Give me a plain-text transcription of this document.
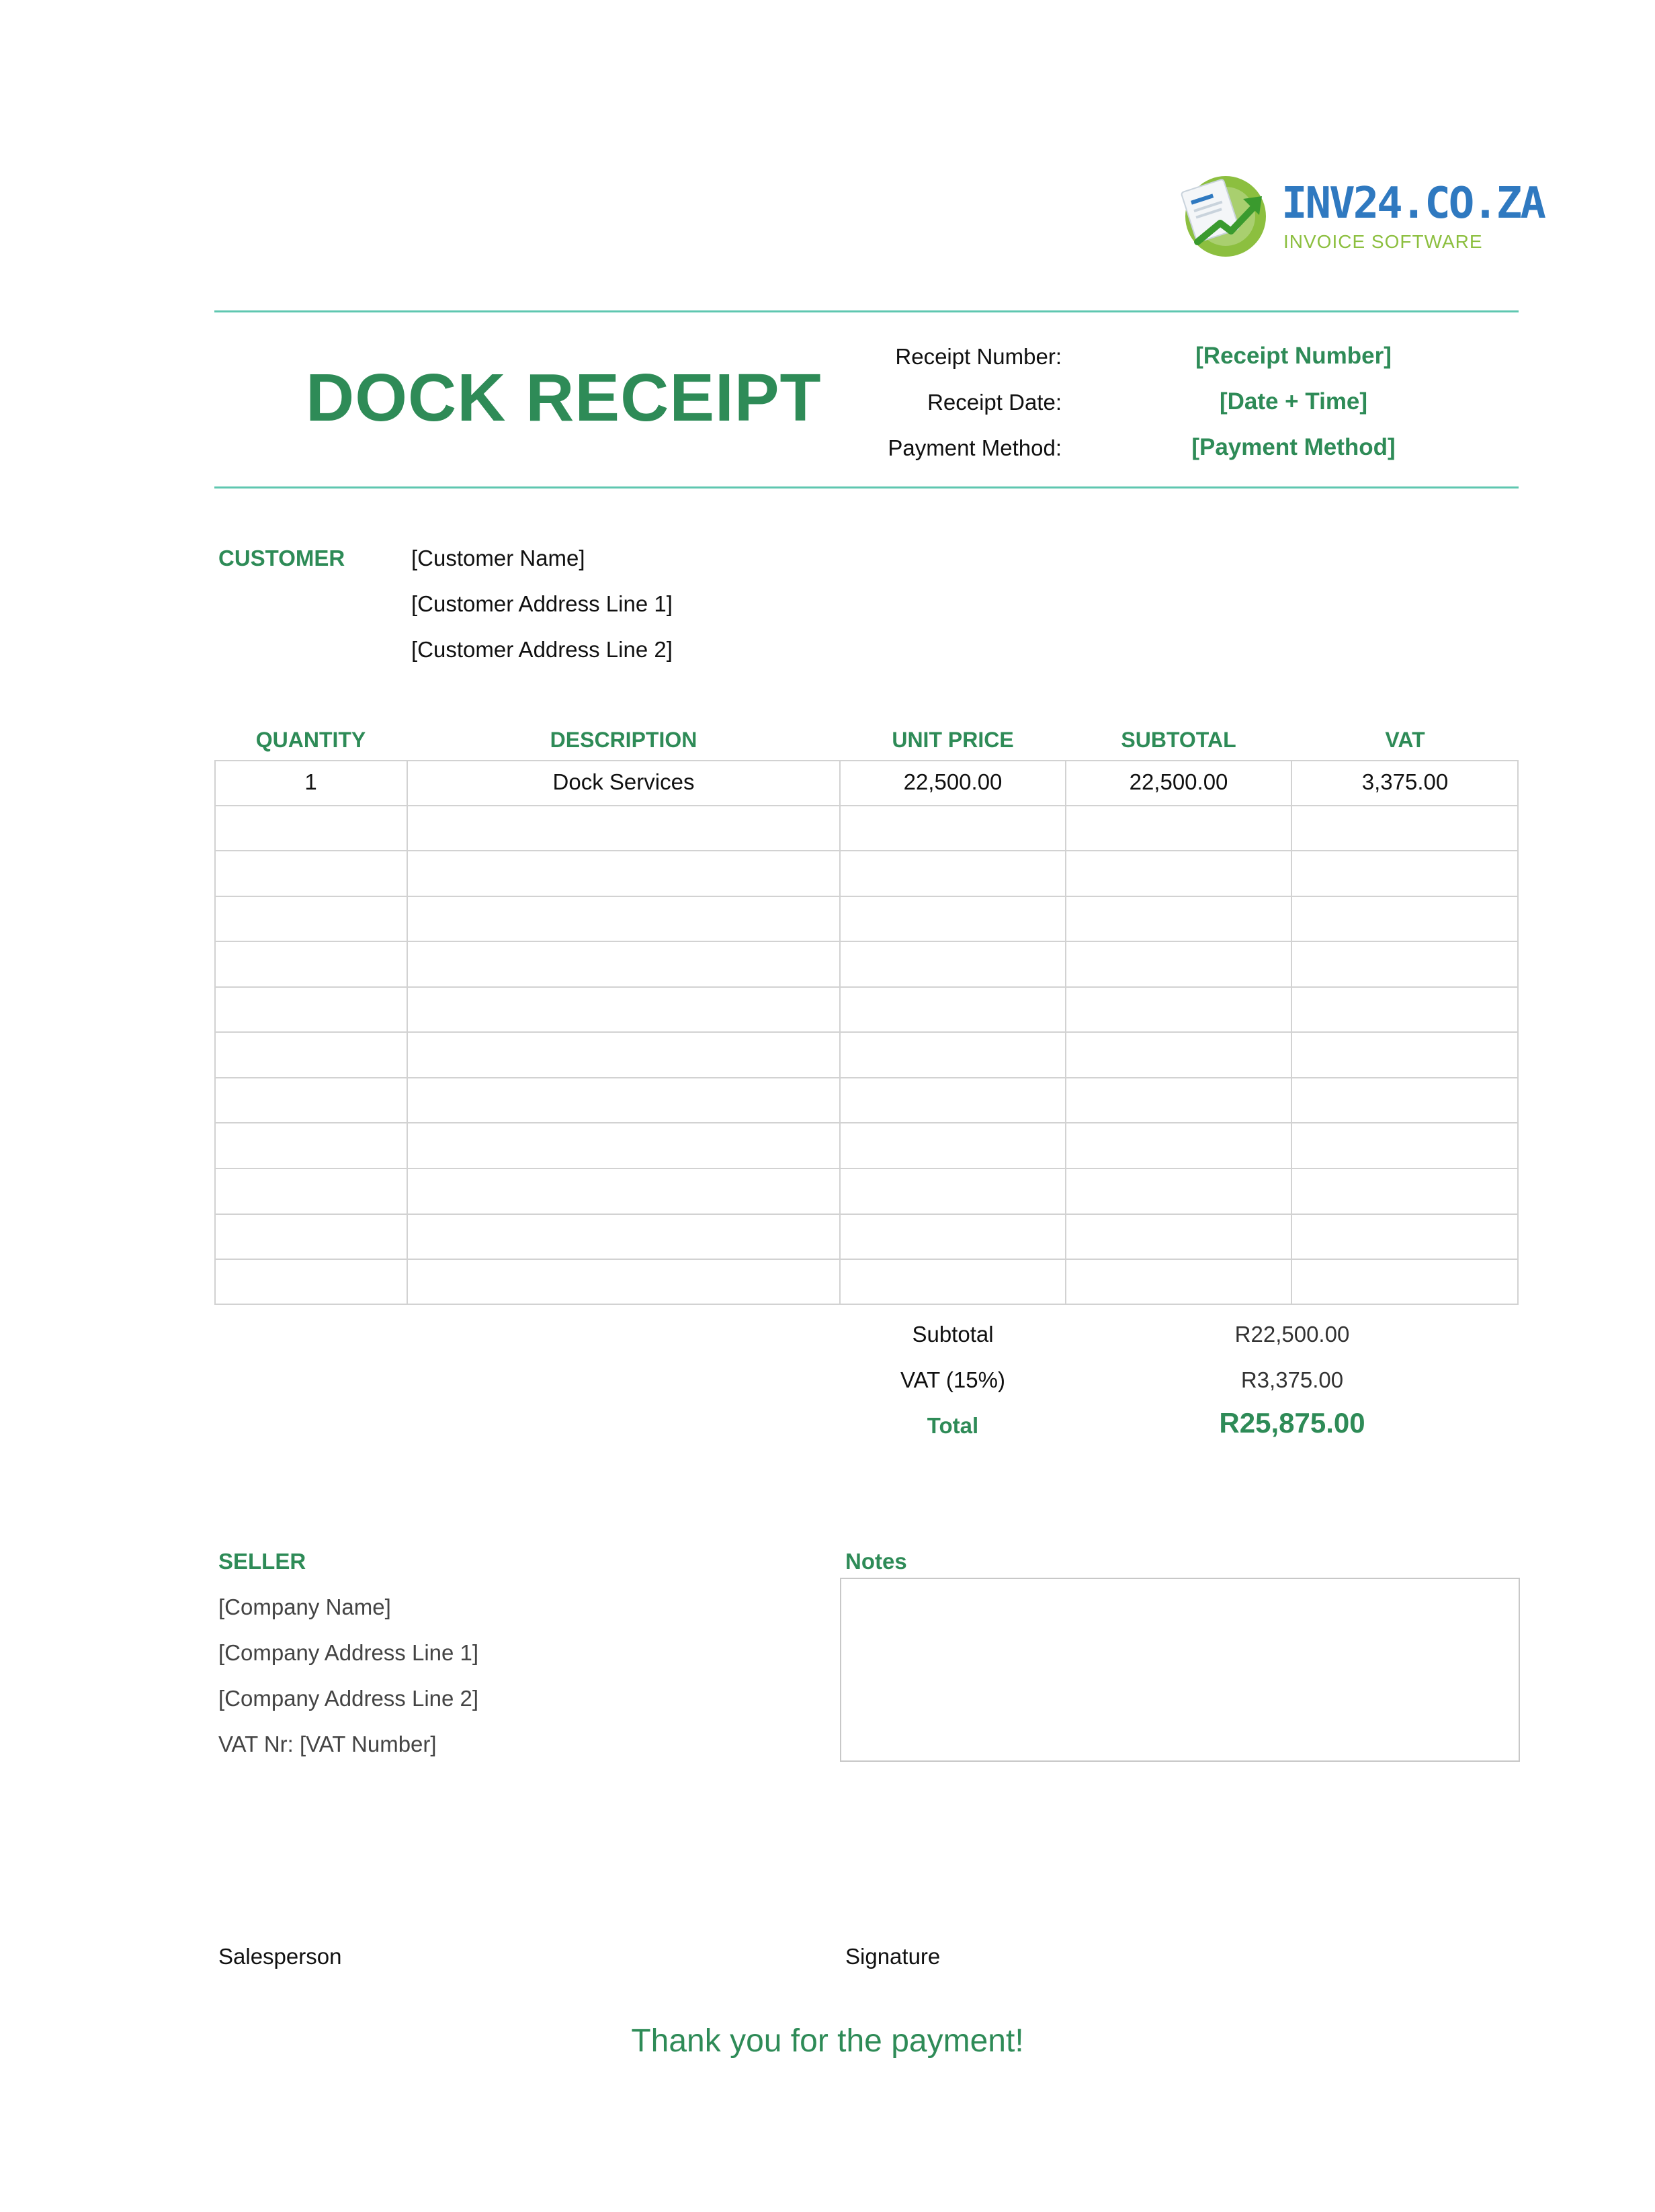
INV24.CO.ZA
INVOICE SOFTWARE
DOCK RECEIPT
Receipt Number:	[Receipt Number]
Receipt Date:	[Date + Time]
Payment Method:	[Payment Method]
CUSTOMER	[Customer Name]
[Customer Address Line 1]
[Customer Address Line 2]
QUANTITY	DESCRIPTION	UNIT PRICE	SUBTOTAL	VAT
1	Dock Services	22,500.00	22,500.00	3,375.00
Subtotal	R22,500.00
VAT (15%)	R3,375.00
Total	R25,875.00
SELLER
[Company Name]
[Company Address Line 1]
[Company Address Line 2]
VAT Nr: [VAT Number]
Notes
Salesperson	Signature
Thank you for the payment!
